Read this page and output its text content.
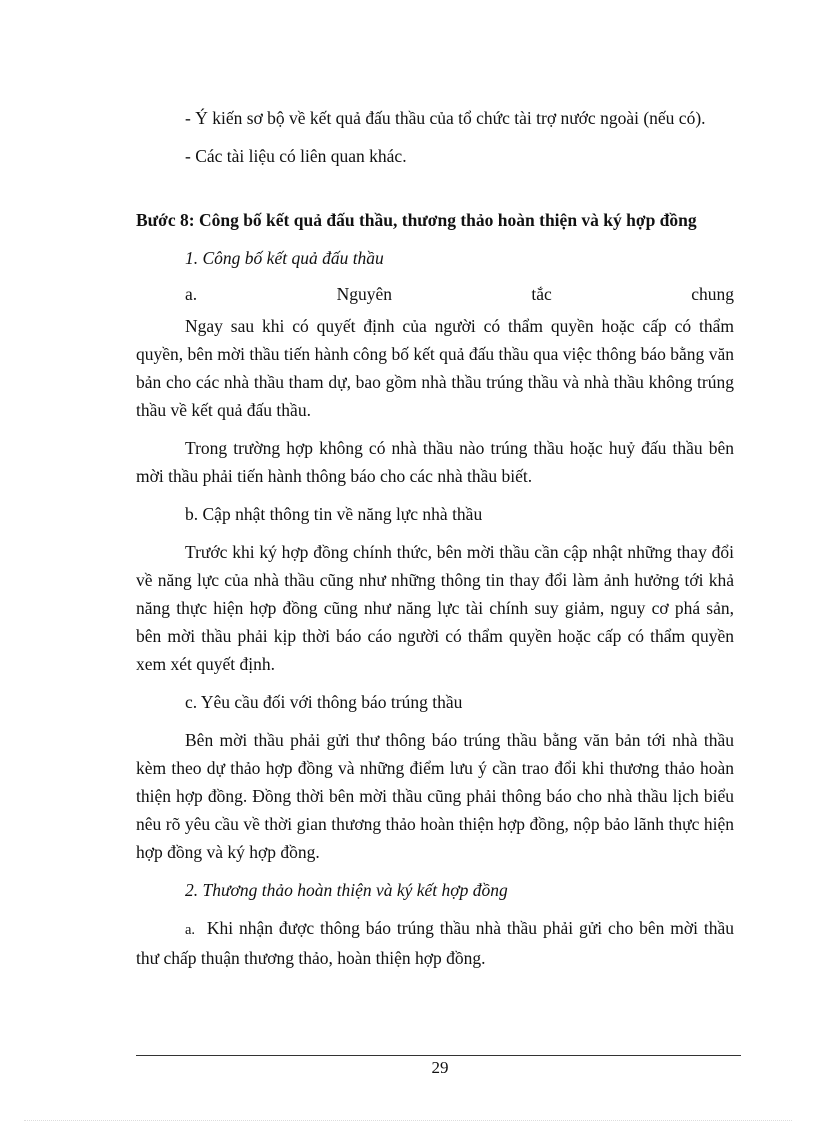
- Ý kiến sơ bộ về kết quả đấu thầu của tổ chức tài trợ nước ngoài (nếu có).

- Các tài liệu có liên quan khác.

Bước 8: Công bố kết quả đấu thầu, thương thảo hoàn thiện và ký hợp đồng

1. Công bố kết quả đấu thầu

a.	Nguyên	tắc	chung

Ngay sau khi có quyết định của người có thẩm quyền hoặc cấp có thẩm quyền, bên mời thầu tiến hành công bố kết quả đấu thầu qua việc thông báo bằng văn bản cho các nhà thầu tham dự, bao gồm nhà thầu trúng thầu và nhà thầu không trúng thầu về kết quả đấu thầu.

Trong trường hợp không có nhà thầu nào trúng thầu hoặc huỷ đấu thầu bên mời thầu phải tiến hành thông báo cho các nhà thầu biết.

b. Cập nhật thông tin về năng lực nhà thầu

Trước khi ký hợp đồng chính thức, bên mời thầu cần cập nhật những thay đổi về năng lực của nhà thầu cũng như những thông tin thay đổi làm ảnh hưởng tới khả năng thực hiện hợp đồng cũng như năng lực tài chính suy giảm, nguy cơ phá sản, bên mời thầu phải kịp thời báo cáo người có thẩm quyền hoặc cấp có thẩm quyền xem xét quyết định.

c. Yêu cầu đối với thông báo trúng thầu

Bên mời thầu phải gửi thư thông báo trúng thầu bằng văn bản tới nhà thầu kèm theo dự thảo hợp đồng và những điểm lưu ý cần trao đổi khi thương thảo hoàn thiện hợp đồng. Đồng thời bên mời thầu cũng phải thông báo cho nhà thầu lịch biểu nêu rõ yêu cầu về thời gian thương thảo hoàn thiện hợp đồng, nộp bảo lãnh thực hiện hợp đồng và ký hợp đồng.

2. Thương thảo hoàn thiện và ký kết hợp đồng

a. Khi nhận được thông báo trúng thầu nhà thầu phải gửi cho bên mời thầu thư chấp thuận thương thảo, hoàn thiện hợp đồng.

29
